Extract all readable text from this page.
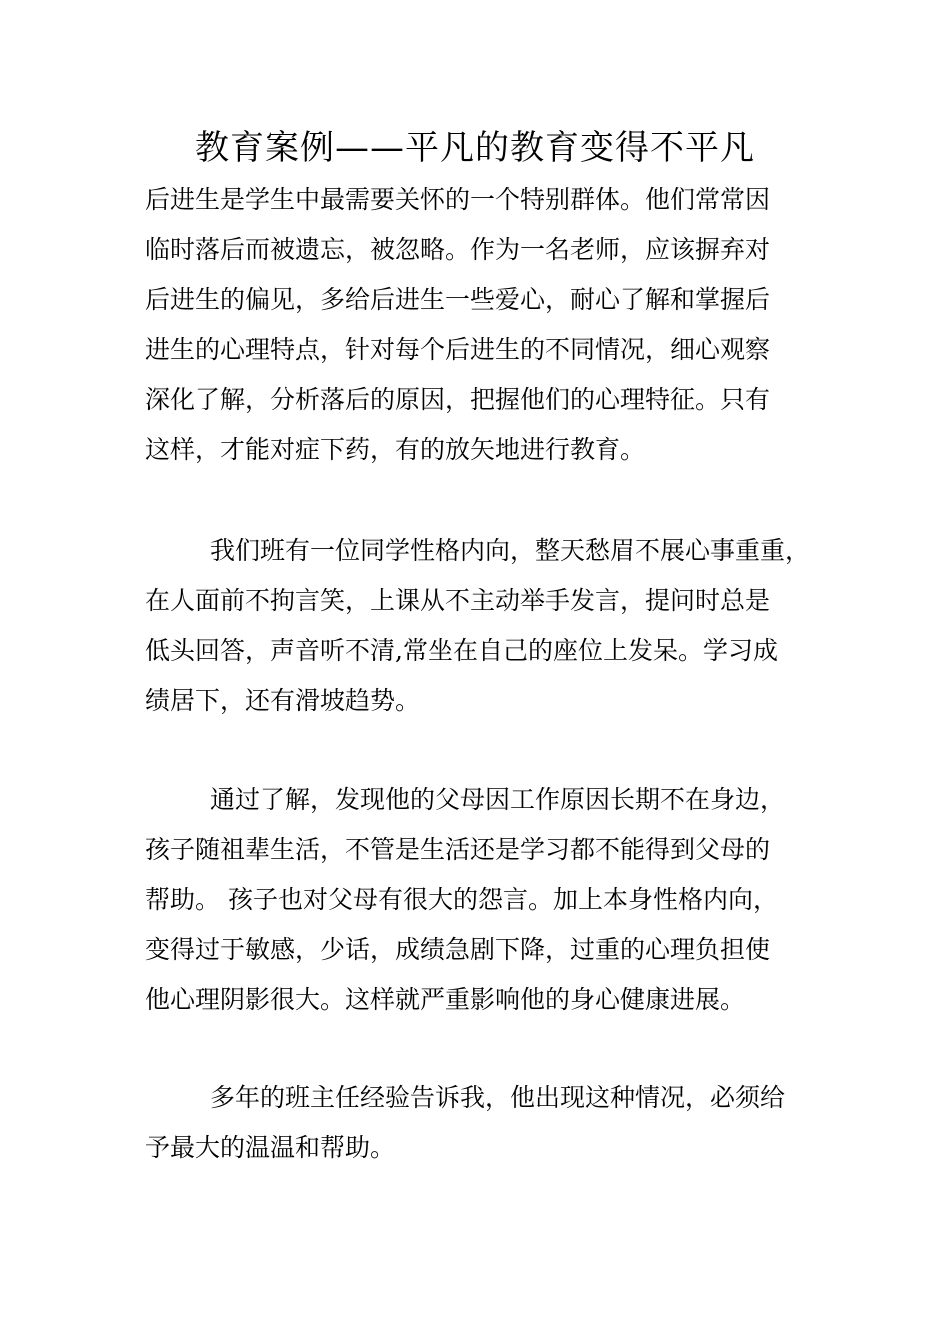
教育案例——平凡的教育变得不平凡

后进生是学生中最需要关怀的一个特别群体。他们常常因
临时落后而被遗忘，被忽略。作为一名老师，应该摒弃对
后进生的偏见，多给后进生一些爱心，耐心了解和掌握后
进生的心理特点，针对每个后进生的不同情况，细心观察
深化了解，分析落后的原因，把握他们的心理特征。只有
这样，才能对症下药，有的放矢地进行教育。

我们班有一位同学性格内向，整天愁眉不展心事重重，
在人面前不拘言笑，上课从不主动举手发言，提问时总是
低头回答，声音听不清,常坐在自己的座位上发呆。学习成
绩居下，还有滑坡趋势。

通过了解，发现他的父母因工作原因长期不在身边，
孩子随祖辈生活，不管是生活还是学习都不能得到父母的
帮助。 孩子也对父母有很大的怨言。加上本身性格内向，
变得过于敏感，少话，成绩急剧下降，过重的心理负担使
他心理阴影很大。这样就严重影响他的身心健康进展。

多年的班主任经验告诉我，他出现这种情况，必须给
予最大的温温和帮助。
